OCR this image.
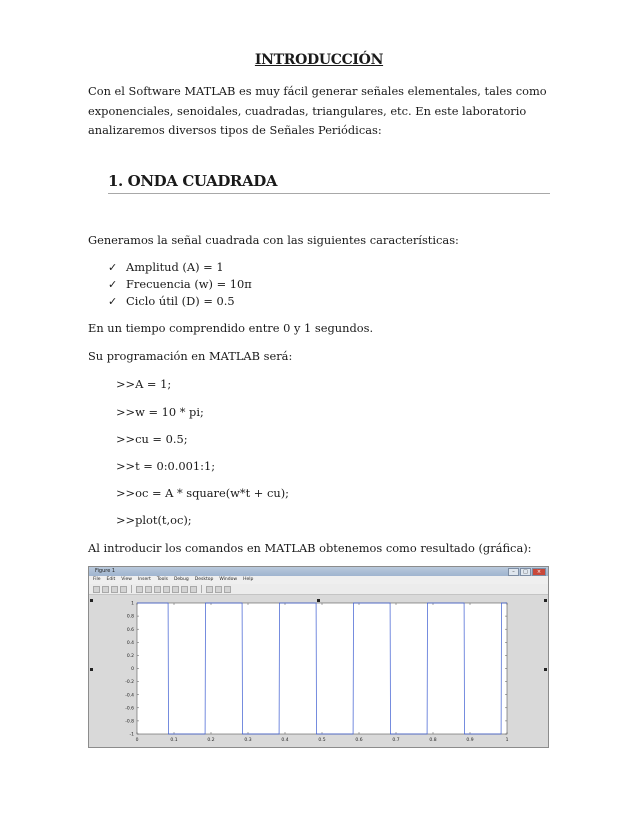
INTRODUCCIÓN
Con el Software MATLAB es muy fácil generar señales elementales, tales como
exponenciales, senoidales, cuadradas, triangulares, etc. En este laboratorio
analizaremos diversos tipos de Señales Periódicas:
1. ONDA CUADRADA
Generamos la señal cuadrada con las siguientes características:
✓ Amplitud (A) = 1
✓ Frecuencia (w) = 10π
✓ Ciclo útil (D) = 0.5
En un tiempo comprendido entre 0 y 1 segundos.
Su programación en MATLAB será:
>>A = 1;
>>w = 10 * pi;
>>cu = 0.5;
>>t = 0:0.001:1;
>>oc = A * square(w*t + cu);
>>plot(t,oc);
Al introducir los comandos en MATLAB obtenemos como resultado (gráfica):
Figure 1	–	□	×
File Edit View Insert Tools Debug Desktop Window Help
0	0.1	0.2	0.3	0.4	0.5	0.6	0.7	0.8	0.9	1
-1
-0.8
-0.6
-0.4
-0.2
0
0.2
0.4
0.6
0.8
1
